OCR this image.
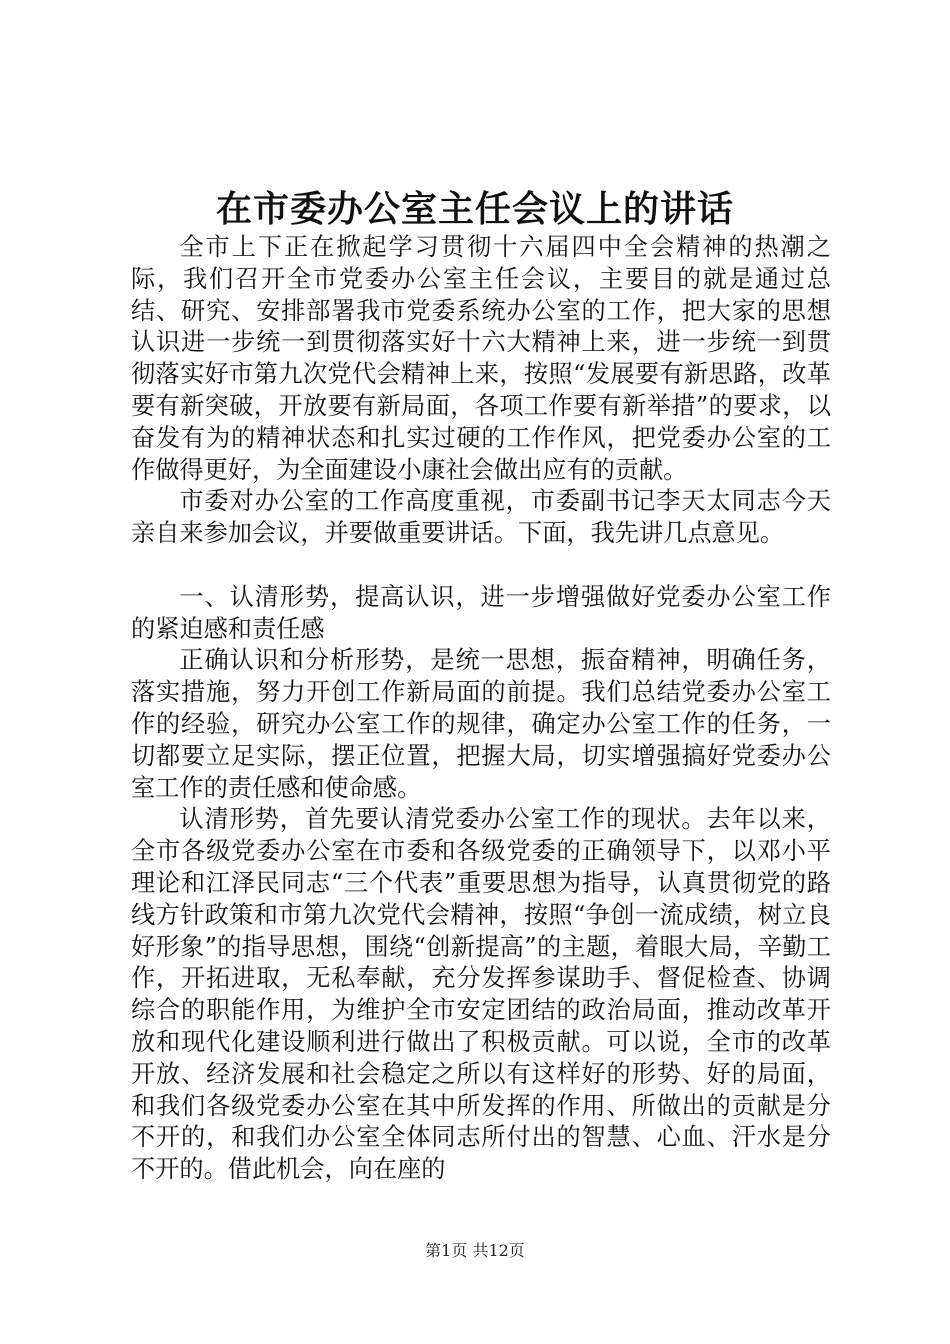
在市委办公室主任会议上的讲话

全市上下正在掀起学习贯彻十六届四中全会精神的热潮之际，我们召开全市党委办公室主任会议，主要目的就是通过总结、研究、安排部署我市党委系统办公室的工作，把大家的思想认识进一步统一到贯彻落实好十六大精神上来，进一步统一到贯彻落实好市第九次党代会精神上来，按照“发展要有新思路，改革要有新突破，开放要有新局面，各项工作要有新举措”的要求，以奋发有为的精神状态和扎实过硬的工作作风，把党委办公室的工作做得更好，为全面建设小康社会做出应有的贡献。

市委对办公室的工作高度重视，市委副书记李天太同志今天亲自来参加会议，并要做重要讲话。下面，我先讲几点意见。

一、认清形势，提高认识，进一步增强做好党委办公室工作的紧迫感和责任感

正确认识和分析形势，是统一思想，振奋精神，明确任务，落实措施，努力开创工作新局面的前提。我们总结党委办公室工作的经验，研究办公室工作的规律，确定办公室工作的任务，一切都要立足实际，摆正位置，把握大局，切实增强搞好党委办公室工作的责任感和使命感。

认清形势，首先要认清党委办公室工作的现状。去年以来，全市各级党委办公室在市委和各级党委的正确领导下，以邓小平理论和江泽民同志“三个代表”重要思想为指导，认真贯彻党的路线方针政策和市第九次党代会精神，按照“争创一流成绩，树立良好形象”的指导思想，围绕“创新提高”的主题，着眼大局，辛勤工作，开拓进取，无私奉献，充分发挥参谋助手、督促检查、协调综合的职能作用，为维护全市安定团结的政治局面，推动改革开放和现代化建设顺利进行做出了积极贡献。可以说，全市的改革开放、经济发展和社会稳定之所以有这样好的形势、好的局面，和我们各级党委办公室在其中所发挥的作用、所做出的贡献是分不开的，和我们办公室全体同志所付出的智慧、心血、汗水是分不开的。借此机会，向在座的

第1页 共12页
